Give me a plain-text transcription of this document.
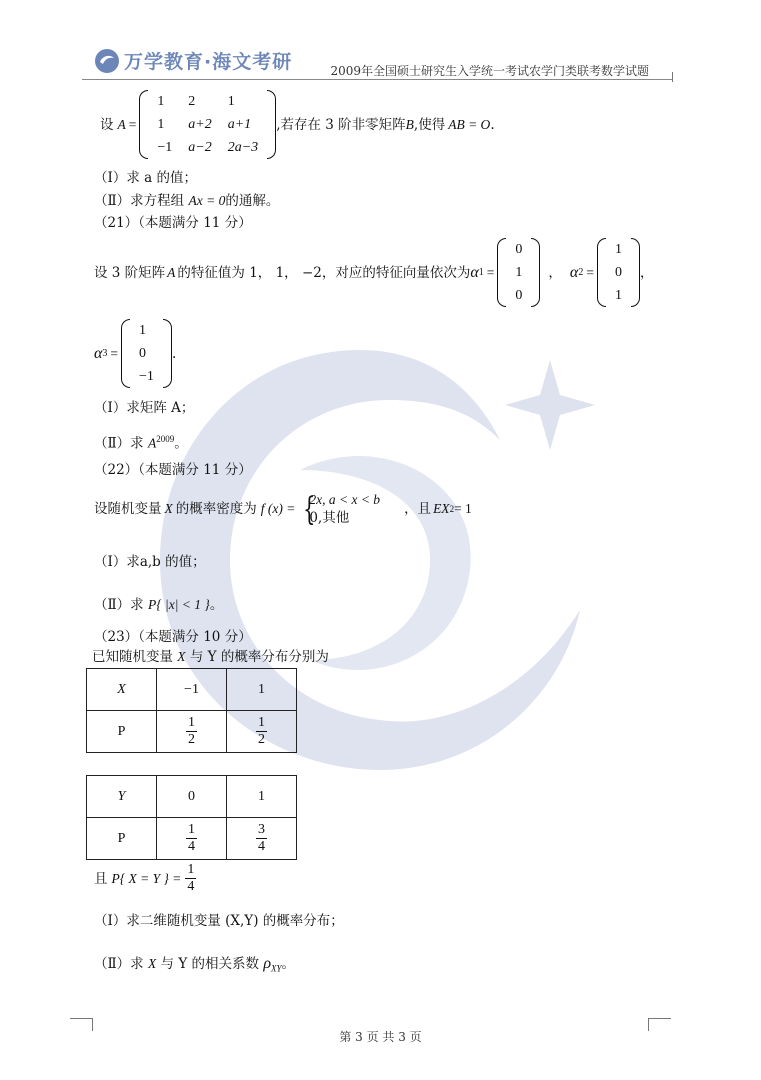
万学教育·海文考研	2009年全国硕士研究生入学统一考试农学门类联考数学试题
设 A =
1	2	1
1	a+2	a+1
−1	a−2	2a−3
,若存在 3 阶非零矩阵 B ,使得 AB = O .
（Ⅰ）求 a 的值；
（Ⅱ）求方程组 Ax = 0的通解。
（21）（本题满分 11 分）
设 3 阶矩阵 A 的特征值为 1， 1， −2，对应的特征向量依次为 α 1 =
0
1
0
， α 2 =
1
0
1
，
α 3 =
1
0
−1
.
（Ⅰ）求矩阵 A；
（Ⅱ）求 $A^{2009}$。
（22）（本题满分 11 分）
设随机变量 X 的概率密度为 f (x) = {
2x, a < x < b
0,其他
，且 EX 2 = 1
（Ⅰ）求a,b 的值；
（Ⅱ）求 P{ |x| < 1 }。
（23）（本题满分 10 分）
已知随机变量 X 与 Y 的概率分布分别为
X	−1	1
P	$\frac{1}{2}$	$\frac{1}{2}$
Y	0	1
P	$\frac{1}{4}$	$\frac{3}{4}$
且 P{ X = Y } = $\frac{1}{4}$
（Ⅰ）求二维随机变量 (X,Y) 的概率分布；
（Ⅱ）求 X 与 Y 的相关系数 $\rho_{XY}$。
第 3 页 共 3 页
